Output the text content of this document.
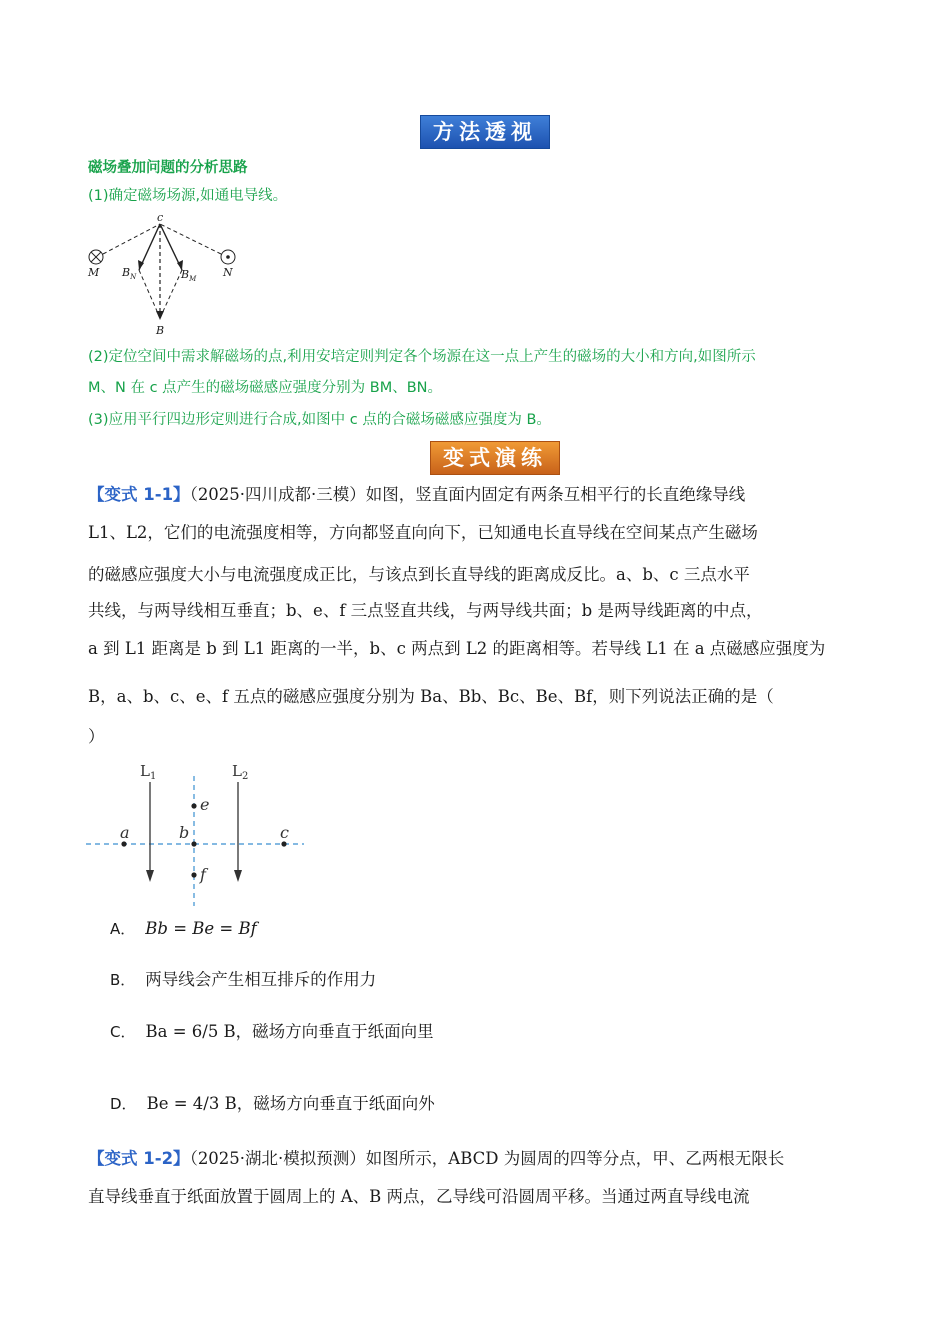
方法透视
磁场叠加问题的分析思路
(1)确定磁场场源,如通电导线。
c
M	N
$B_N$	$B_M$
B
(2)定位空间中需求解磁场的点,利用安培定则判定各个场源在这一点上产生的磁场的大小和方向,如图所示
M、N 在 c 点产生的磁场磁感应强度分别为 BM、BN。
(3)应用平行四边形定则进行合成,如图中 c 点的合磁场磁感应强度为 B。
变式演练
【变式 1-1】（2025·四川成都·三模）如图，竖直面内固定有两条互相平行的长直绝缘导线
L1、L2，它们的电流强度相等，方向都竖直向向下，已知通电长直导线在空间某点产生磁场
的磁感应强度大小与电流强度成正比，与该点到长直导线的距离成反比。a、b、c 三点水平
共线，与两导线相互垂直；b、e、f 三点竖直共线，与两导线共面；b 是两导线距离的中点，
a 到 L1 距离是 b 到 L1 距离的一半，b、c 两点到 L2 的距离相等。若导线 L1 在 a 点磁感应强度为
B，a、b、c、e、f 五点的磁感应强度分别为 Ba、Bb、Bc、Be、Bf，则下列说法正确的是（
）
$L_1$	$L_2$
a	b	c
e
f
A． Bb = Be = Bf
B． 两导线会产生相互排斥的作用力
C． Ba = 6/5 B，磁场方向垂直于纸面向里
D． Be = 4/3 B，磁场方向垂直于纸面向外
【变式 1-2】（2025·湖北·模拟预测）如图所示，ABCD 为圆周的四等分点，甲、乙两根无限长
直导线垂直于纸面放置于圆周上的 A、B 两点，乙导线可沿圆周平移。当通过两直导线电流
